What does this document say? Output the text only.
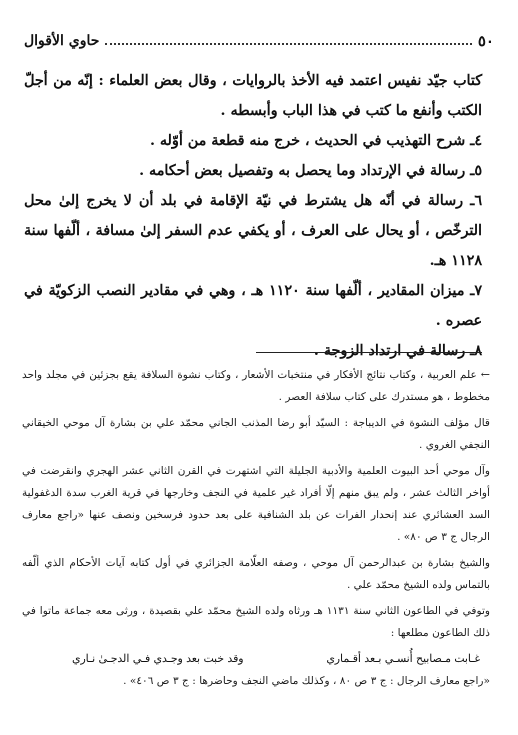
٥٠
حاوي الأقوال

كتاب جيّد نفيس اعتمد فيه الأخذ بالروايات ، وقال بعض العلماء : إنّه من أجلّ الكتب وأنفع ما كتب في هذا الباب وأبسطه .

٤ـ شرح التهذيب في الحديث ، خرج منه قطعة من أوّله .

٥ـ رسالة في الإرتداد وما يحصل به وتفصيل بعض أحكامه .

٦ـ رسالة في أنّه هل يشترط في نيّة الإقامة في بلد أن لا يخرج إلىٰ محل الترخّص ، أو يحال على العرف ، أو يكفي عدم السفر إلىٰ مسافة ، ألّفها سنة ١١٢٨ هـ.

٧ـ ميزان المقادير ، ألّفها سنة ١١٢٠ هـ ، وهي في مقادير النصب الزكويّة في عصره .

٨ـ رسالة في ارتداد الزوجة .

←علم العربية ، وكتاب نتائج الأفكار في منتخبات الأشعار ، وكتاب نشوة السلافة يقع بجزئين في مجلد واحد مخطوط ، هو مستدرك على كتاب سلافة العصر .

قال مؤلف النشوة في الديباجة : السيّد أبو رضا المذنب الجاني محمّد علي بن بشارة آل موحي الخيقاني النجفي الغروي .

وآل موحي أحد البيوت العلمية والأدبية الجليلة التي اشتهرت في القرن الثاني عشر الهجري وانقرضت في أواخر الثالث عشر ، ولم يبق منهم إلّا أفراد غير علمية في النجف وخارجها في قرية الغرب سدة الدغفولية السد العشائري عند إنحدار الفرات عن بلد الشنافية على بعد حدود فرسخين ونصف عنها «راجع معارف الرجال ج ٣ ص ٨٠» .

والشيخ بشارة بن عبدالرحمن آل موحي ، وصفه العلّامة الجزائري في أول كتابه آيات الأحكام الذي ألّفه بالتماس ولده الشيخ محمّد علي .

وتوفي في الطاعون الثاني سنة ١١٣١ هـ ورثاه ولده الشيخ محمّد علي بقصيدة ، ورثى معه جماعة ماتوا في ذلك الطاعون مطلعها :

غـابت مـصابيح أُنسـي بـعد أقـماري
وقد خبت بعد وجـدي فـي الدجـىٰ نـاري

«راجع معارف الرجال : ج ٣ ص ٨٠ ، وكذلك ماضي النجف وحاضرها : ج ٣ ص ٤٠٦» .
